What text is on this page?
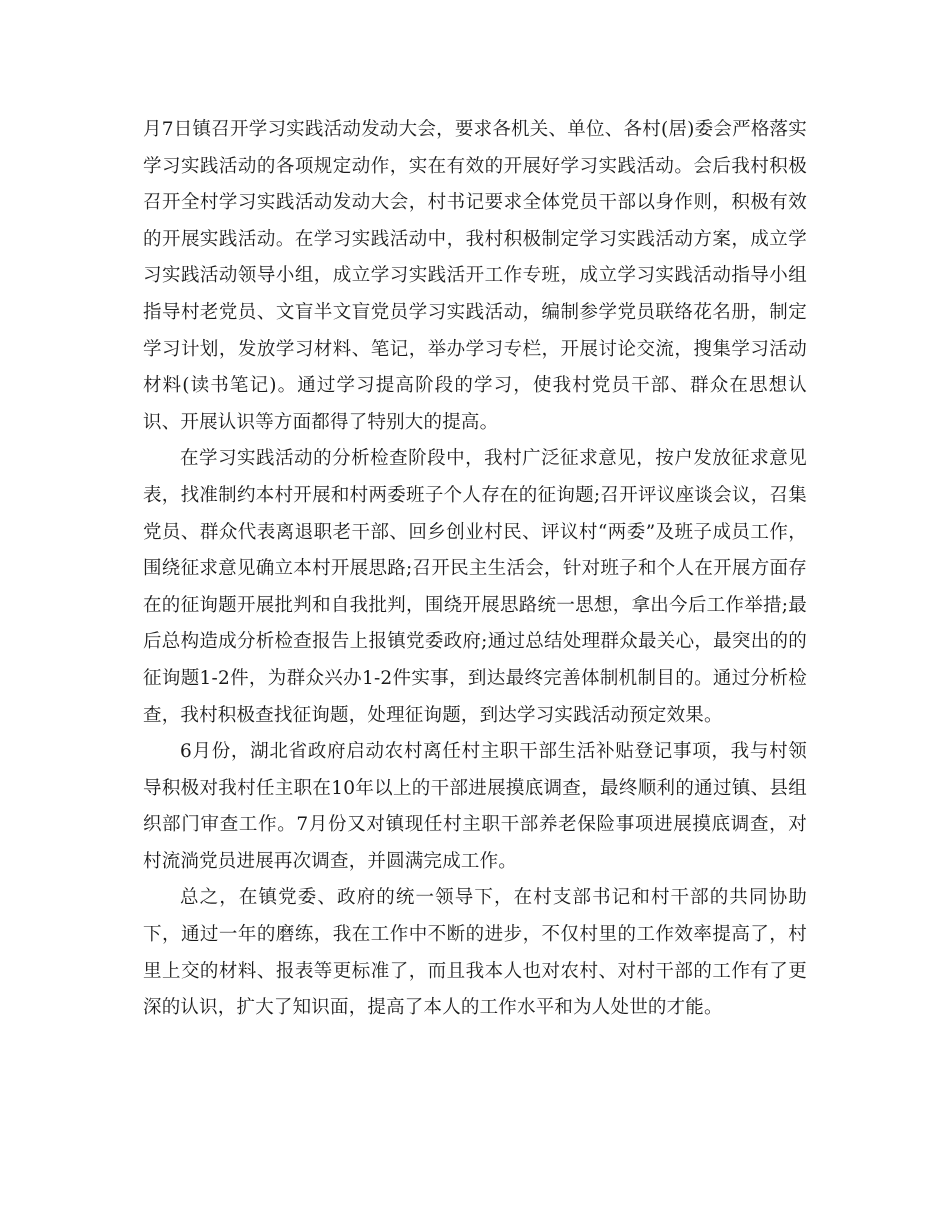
月7日镇召开学习实践活动发动大会，要求各机关、单位、各村(居)委会严格落实学习实践活动的各项规定动作，实在有效的开展好学习实践活动。会后我村积极召开全村学习实践活动发动大会，村书记要求全体党员干部以身作则，积极有效的开展实践活动。在学习实践活动中，我村积极制定学习实践活动方案，成立学习实践活动领导小组，成立学习实践活开工作专班，成立学习实践活动指导小组指导村老党员、文盲半文盲党员学习实践活动，编制参学党员联络花名册，制定学习计划，发放学习材料、笔记，举办学习专栏，开展讨论交流，搜集学习活动材料(读书笔记)。通过学习提高阶段的学习，使我村党员干部、群众在思想认识、开展认识等方面都得了特别大的提高。

在学习实践活动的分析检查阶段中，我村广泛征求意见，按户发放征求意见表，找准制约本村开展和村两委班子个人存在的征询题;召开评议座谈会议，召集党员、群众代表离退职老干部、回乡创业村民、评议村“两委”及班子成员工作，围绕征求意见确立本村开展思路;召开民主生活会，针对班子和个人在开展方面存在的征询题开展批判和自我批判，围绕开展思路统一思想，拿出今后工作举措;最后总构造成分析检查报告上报镇党委政府;通过总结处理群众最关心，最突出的的征询题1-2件，为群众兴办1-2件实事，到达最终完善体制机制目的。通过分析检查，我村积极查找征询题，处理征询题，到达学习实践活动预定效果。

6月份，湖北省政府启动农村离任村主职干部生活补贴登记事项，我与村领导积极对我村任主职在10年以上的干部进展摸底调查，最终顺利的通过镇、县组织部门审查工作。7月份又对镇现任村主职干部养老保险事项进展摸底调查，对村流淌党员进展再次调查，并圆满完成工作。

总之，在镇党委、政府的统一领导下，在村支部书记和村干部的共同协助下，通过一年的磨练，我在工作中不断的进步，不仅村里的工作效率提高了，村里上交的材料、报表等更标准了，而且我本人也对农村、对村干部的工作有了更深的认识，扩大了知识面，提高了本人的工作水平和为人处世的才能。
